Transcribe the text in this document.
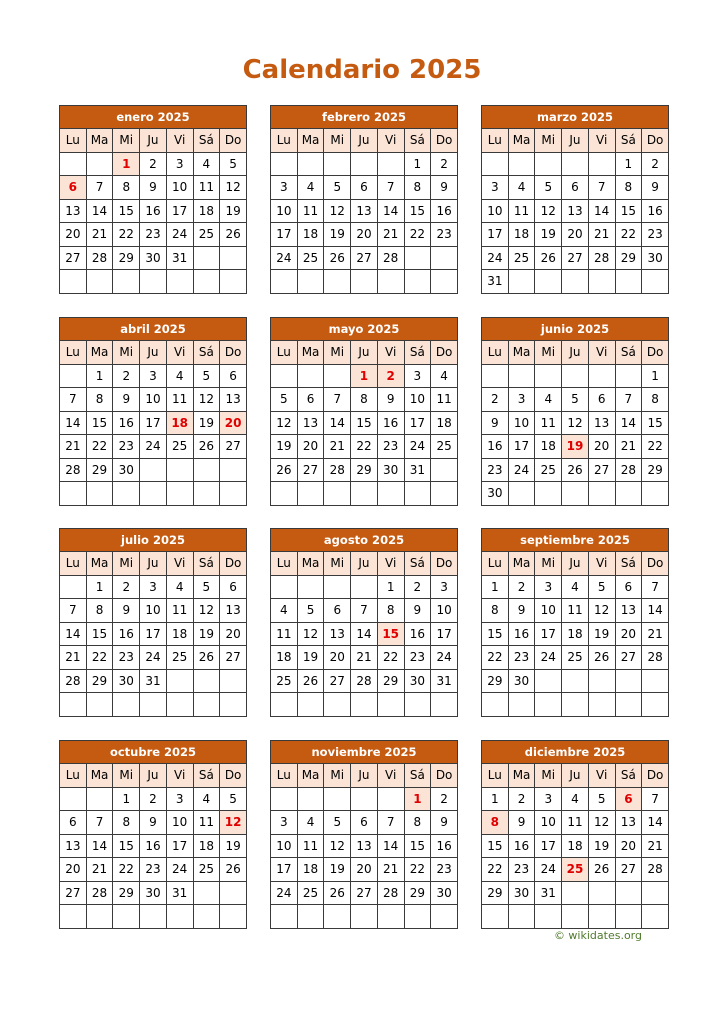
Calendario 2025
enero 2025						
Lu	Ma	Mi	Ju	Vi	Sá	Do
		1	2	3	4	5
6	7	8	9	10	11	12
13	14	15	16	17	18	19
20	21	22	23	24	25	26
27	28	29	30	31		

febrero 2025						
Lu	Ma	Mi	Ju	Vi	Sá	Do
					1	2
3	4	5	6	7	8	9
10	11	12	13	14	15	16
17	18	19	20	21	22	23
24	25	26	27	28		

marzo 2025						
Lu	Ma	Mi	Ju	Vi	Sá	Do
					1	2
3	4	5	6	7	8	9
10	11	12	13	14	15	16
17	18	19	20	21	22	23
24	25	26	27	28	29	30
31						
abril 2025						
Lu	Ma	Mi	Ju	Vi	Sá	Do
	1	2	3	4	5	6
7	8	9	10	11	12	13
14	15	16	17	18	19	20
21	22	23	24	25	26	27
28	29	30				

mayo 2025						
Lu	Ma	Mi	Ju	Vi	Sá	Do
			1	2	3	4
5	6	7	8	9	10	11
12	13	14	15	16	17	18
19	20	21	22	23	24	25
26	27	28	29	30	31	

junio 2025						
Lu	Ma	Mi	Ju	Vi	Sá	Do
						1
2	3	4	5	6	7	8
9	10	11	12	13	14	15
16	17	18	19	20	21	22
23	24	25	26	27	28	29
30						
julio 2025						
Lu	Ma	Mi	Ju	Vi	Sá	Do
	1	2	3	4	5	6
7	8	9	10	11	12	13
14	15	16	17	18	19	20
21	22	23	24	25	26	27
28	29	30	31			

agosto 2025						
Lu	Ma	Mi	Ju	Vi	Sá	Do
				1	2	3
4	5	6	7	8	9	10
11	12	13	14	15	16	17
18	19	20	21	22	23	24
25	26	27	28	29	30	31

septiembre 2025						
Lu	Ma	Mi	Ju	Vi	Sá	Do
1	2	3	4	5	6	7
8	9	10	11	12	13	14
15	16	17	18	19	20	21
22	23	24	25	26	27	28
29	30					

octubre 2025						
Lu	Ma	Mi	Ju	Vi	Sá	Do
		1	2	3	4	5
6	7	8	9	10	11	12
13	14	15	16	17	18	19
20	21	22	23	24	25	26
27	28	29	30	31		

noviembre 2025						
Lu	Ma	Mi	Ju	Vi	Sá	Do
					1	2
3	4	5	6	7	8	9
10	11	12	13	14	15	16
17	18	19	20	21	22	23
24	25	26	27	28	29	30

diciembre 2025						
Lu	Ma	Mi	Ju	Vi	Sá	Do
1	2	3	4	5	6	7
8	9	10	11	12	13	14
15	16	17	18	19	20	21
22	23	24	25	26	27	28
29	30	31				

© wikidates.org
